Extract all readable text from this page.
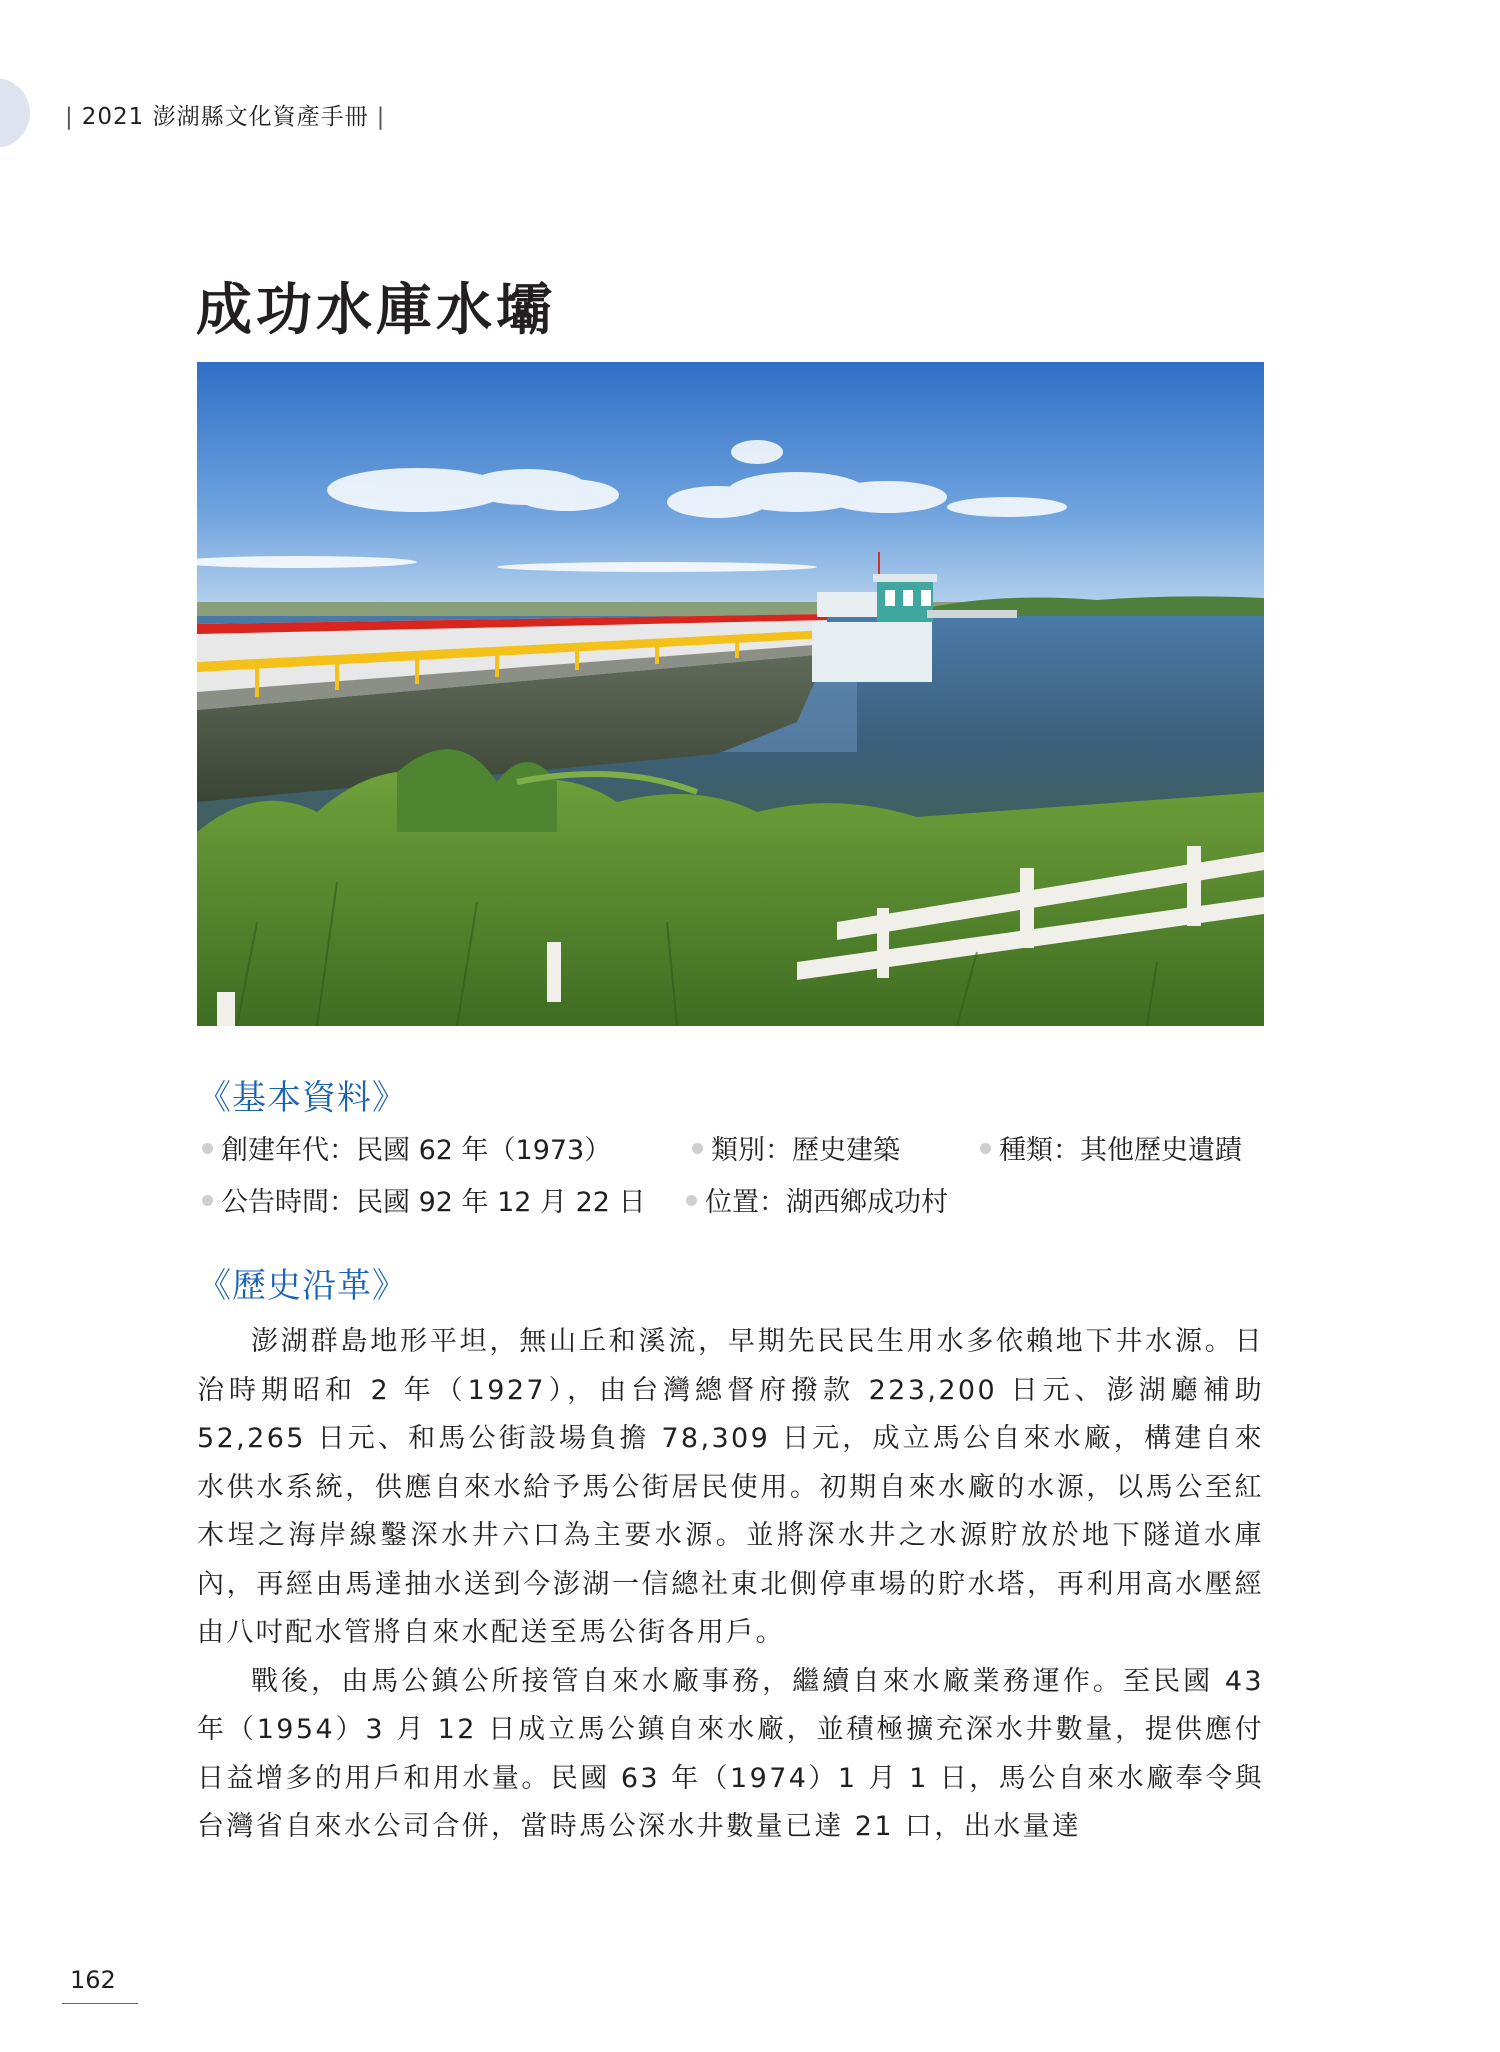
| 2021 澎湖縣文化資產手冊 |
成功水庫水壩
《基本資料》
創建年代：民國 62 年（1973）	類別：歷史建築	種類：其他歷史遺蹟
公告時間：民國 92 年 12 月 22 日	位置：湖西鄉成功村
《歷史沿革》

澎湖群島地形平坦，無山丘和溪流，早期先民民生用水多依賴地下井水源。日治時期昭和 2 年（1927），由台灣總督府撥款 223,200 日元、澎湖廳補助 52,265 日元、和馬公街設場負擔 78,309 日元，成立馬公自來水廠，構建自來水供水系統，供應自來水給予馬公街居民使用。初期自來水廠的水源，以馬公至紅木埕之海岸線鑿深水井六口為主要水源。並將深水井之水源貯放於地下隧道水庫內，再經由馬達抽水送到今澎湖一信總社東北側停車場的貯水塔，再利用高水壓經由八吋配水管將自來水配送至馬公街各用戶。

戰後，由馬公鎮公所接管自來水廠事務，繼續自來水廠業務運作。至民國 43 年（1954）3 月 12 日成立馬公鎮自來水廠，並積極擴充深水井數量，提供應付日益增多的用戶和用水量。民國 63 年（1974）1 月 1 日，馬公自來水廠奉令與台灣省自來水公司合併，當時馬公深水井數量已達 21 口，出水量達

162
